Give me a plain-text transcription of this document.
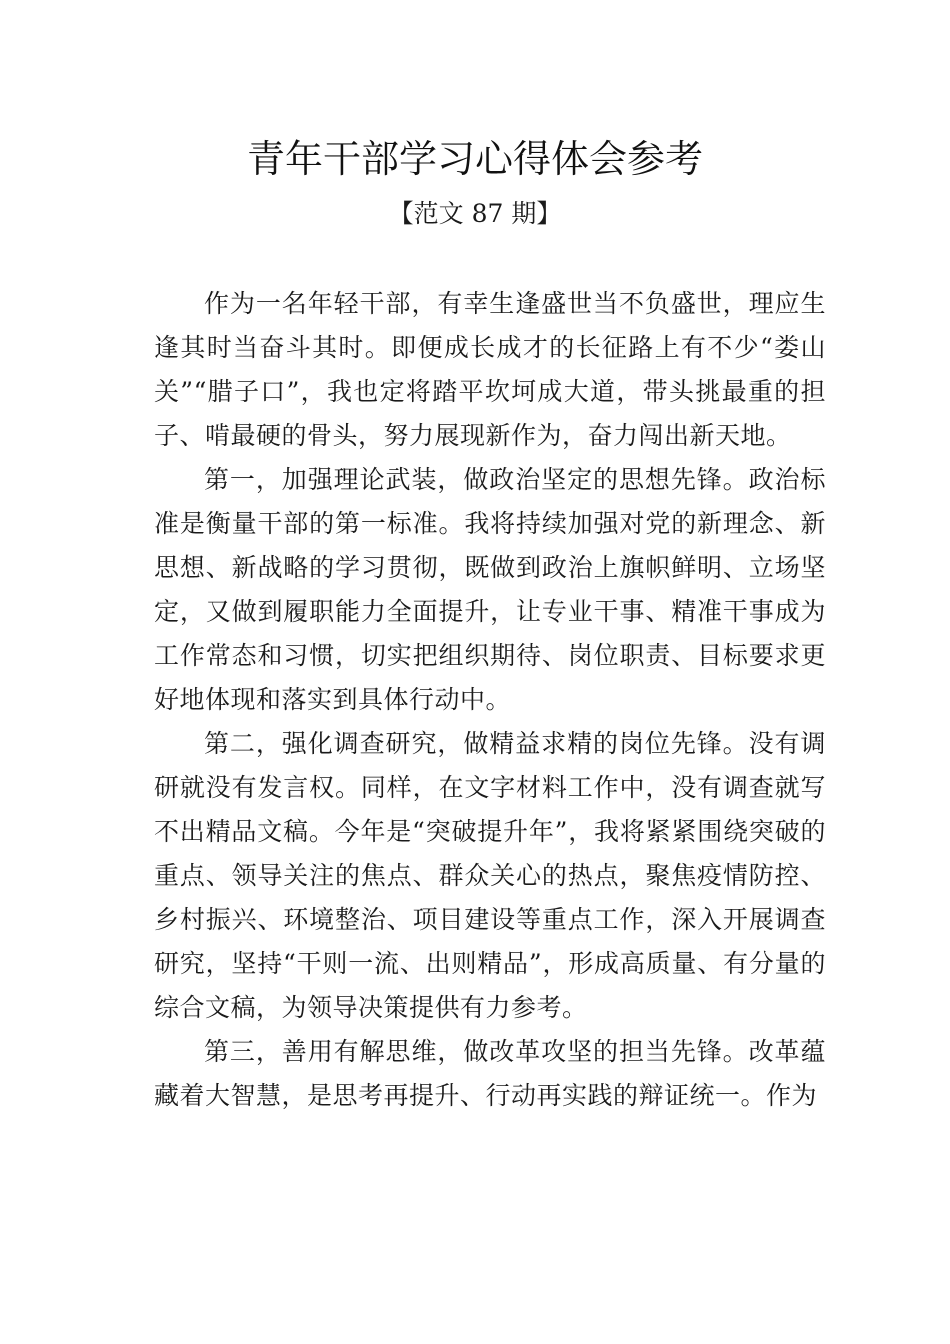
青年干部学习心得体会参考
【范文 87 期】

作为一名年轻干部，有幸生逢盛世当不负盛世，理应生逢其时当奋斗其时。即便成长成才的长征路上有不少“娄山关”“腊子口”，我也定将踏平坎坷成大道，带头挑最重的担子、啃最硬的骨头，努力展现新作为，奋力闯出新天地。

第一，加强理论武装，做政治坚定的思想先锋。政治标准是衡量干部的第一标准。我将持续加强对党的新理念、新思想、新战略的学习贯彻，既做到政治上旗帜鲜明、立场坚定，又做到履职能力全面提升，让专业干事、精准干事成为工作常态和习惯，切实把组织期待、岗位职责、目标要求更好地体现和落实到具体行动中。

第二，强化调查研究，做精益求精的岗位先锋。没有调研就没有发言权。同样，在文字材料工作中，没有调查就写不出精品文稿。今年是“突破提升年”，我将紧紧围绕突破的重点、领导关注的焦点、群众关心的热点，聚焦疫情防控、乡村振兴、环境整治、项目建设等重点工作，深入开展调查研究，坚持“干则一流、出则精品”，形成高质量、有分量的综合文稿，为领导决策提供有力参考。

第三，善用有解思维，做改革攻坚的担当先锋。改革蕴藏着大智慧，是思考再提升、行动再实践的辩证统一。作为
